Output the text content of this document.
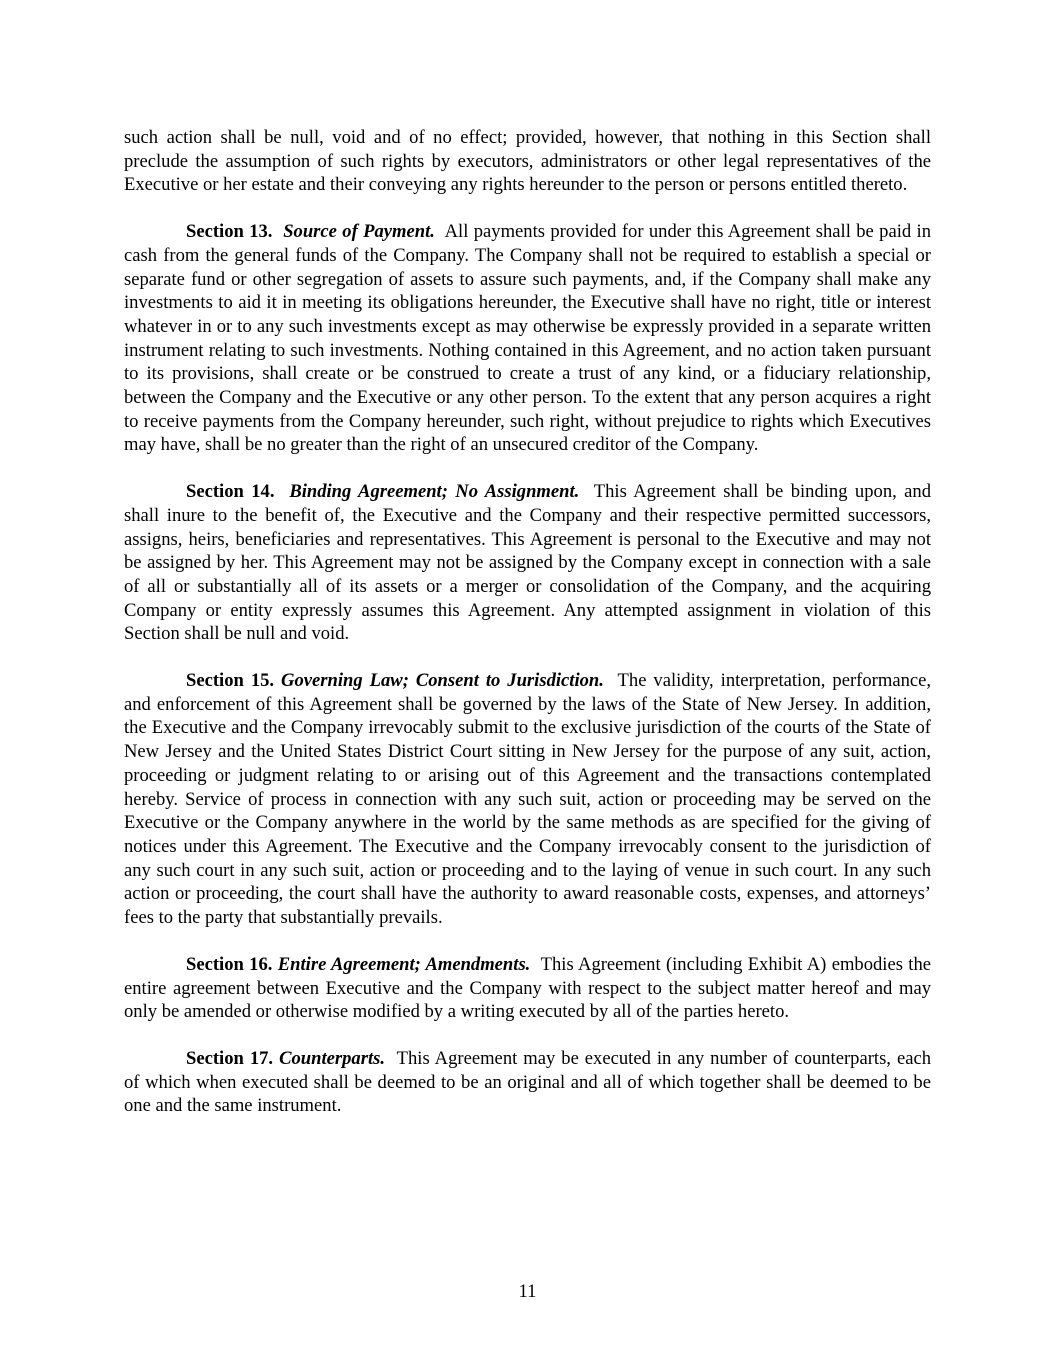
such action shall be null, void and of no effect; provided, however, that nothing in this Section shall preclude the assumption of such rights by executors, administrators or other legal representatives of the Executive or her estate and their conveying any rights hereunder to the person or persons entitled thereto.

Section 13. Source of Payment. All payments provided for under this Agreement shall be paid in cash from the general funds of the Company. The Company shall not be required to establish a special or separate fund or other segregation of assets to assure such payments, and, if the Company shall make any investments to aid it in meeting its obligations hereunder, the Executive shall have no right, title or interest whatever in or to any such investments except as may otherwise be expressly provided in a separate written instrument relating to such investments. Nothing contained in this Agreement, and no action taken pursuant to its provisions, shall create or be construed to create a trust of any kind, or a fiduciary relationship, between the Company and the Executive or any other person. To the extent that any person acquires a right to receive payments from the Company hereunder, such right, without prejudice to rights which Executives may have, shall be no greater than the right of an unsecured creditor of the Company.

Section 14. Binding Agreement; No Assignment. This Agreement shall be binding upon, and shall inure to the benefit of, the Executive and the Company and their respective permitted successors, assigns, heirs, beneficiaries and representatives. This Agreement is personal to the Executive and may not be assigned by her. This Agreement may not be assigned by the Company except in connection with a sale of all or substantially all of its assets or a merger or consolidation of the Company, and the acquiring Company or entity expressly assumes this Agreement. Any attempted assignment in violation of this Section shall be null and void.

Section 15. Governing Law; Consent to Jurisdiction. The validity, interpretation, performance, and enforcement of this Agreement shall be governed by the laws of the State of New Jersey. In addition, the Executive and the Company irrevocably submit to the exclusive jurisdiction of the courts of the State of New Jersey and the United States District Court sitting in New Jersey for the purpose of any suit, action, proceeding or judgment relating to or arising out of this Agreement and the transactions contemplated hereby. Service of process in connection with any such suit, action or proceeding may be served on the Executive or the Company anywhere in the world by the same methods as are specified for the giving of notices under this Agreement. The Executive and the Company irrevocably consent to the jurisdiction of any such court in any such suit, action or proceeding and to the laying of venue in such court. In any such action or proceeding, the court shall have the authority to award reasonable costs, expenses, and attorneys’ fees to the party that substantially prevails.

Section 16. Entire Agreement; Amendments. This Agreement (including Exhibit A) embodies the entire agreement between Executive and the Company with respect to the subject matter hereof and may only be amended or otherwise modified by a writing executed by all of the parties hereto.

Section 17. Counterparts. This Agreement may be executed in any number of counterparts, each of which when executed shall be deemed to be an original and all of which together shall be deemed to be one and the same instrument.

11
